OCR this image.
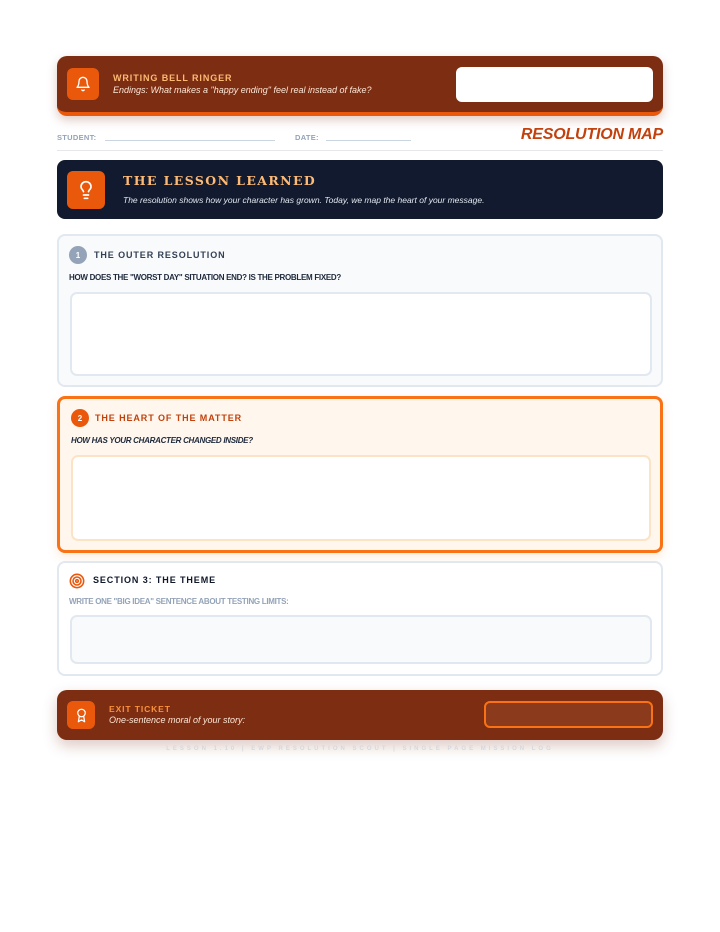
WRITING BELL RINGER
Endings: What makes a "happy ending" feel real instead of fake?
STUDENT:	DATE:	RESOLUTION MAP
THE LESSON LEARNED
The resolution shows how your character has grown. Today, we map the heart of your message.
1	THE OUTER RESOLUTION
HOW DOES THE "WORST DAY" SITUATION END? IS THE PROBLEM FIXED?
2	THE HEART OF THE MATTER
HOW HAS YOUR CHARACTER CHANGED INSIDE?
SECTION 3: THE THEME
WRITE ONE "BIG IDEA" SENTENCE ABOUT TESTING LIMITS:
EXIT TICKET
One-sentence moral of your story:
LESSON 1.10 | EWP RESOLUTION SCOUT | SINGLE PAGE MISSION LOG
